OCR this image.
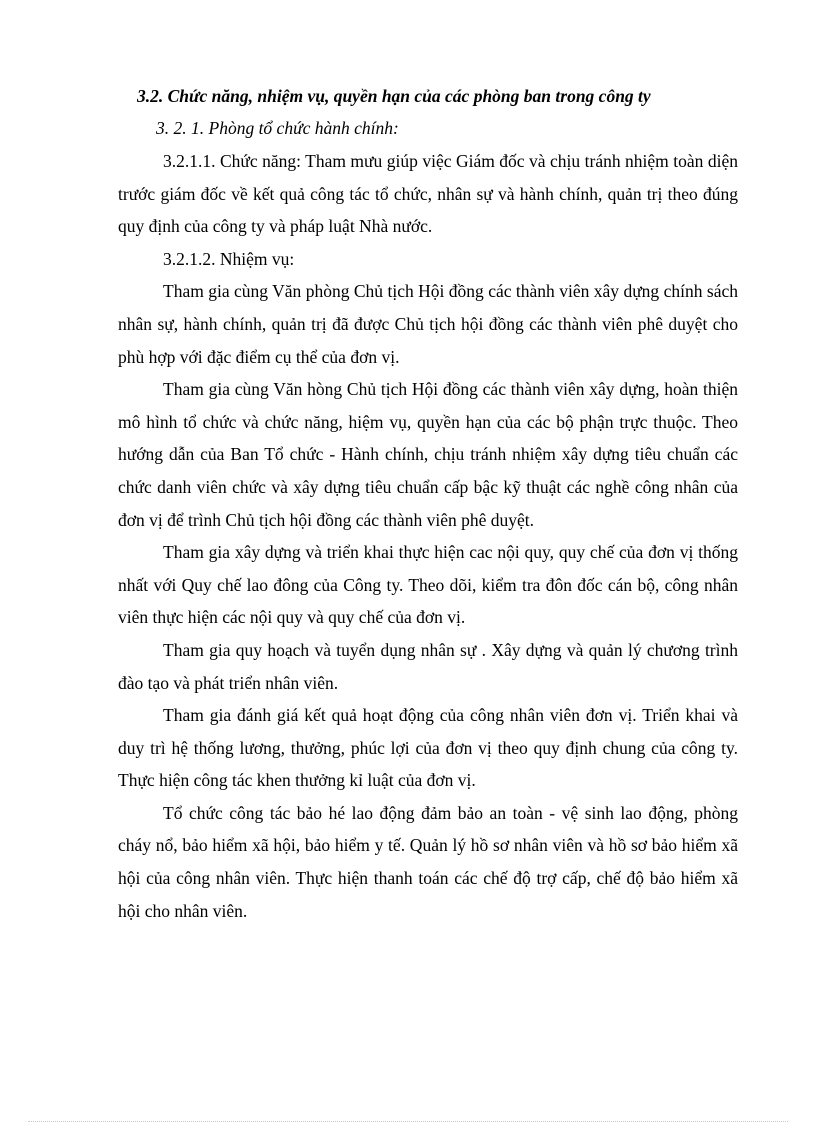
3.2. Chức năng, nhiệm vụ, quyền hạn của các phòng ban trong công ty
3. 2. 1. Phòng tổ chức hành chính:

3.2.1.1. Chức năng: Tham mưu giúp việc Giám đốc và chịu tránh nhiệm toàn diện trước giám đốc về kết quả công tác tổ chức, nhân sự và hành chính, quản trị theo đúng quy định của công ty và pháp luật Nhà nước.

3.2.1.2. Nhiệm vụ:

Tham gia cùng Văn phòng Chủ tịch Hội đồng các thành viên xây dựng chính sách nhân sự, hành chính, quản trị đã được Chủ tịch hội đồng các thành viên phê duyệt cho phù hợp với đặc điểm cụ thể của đơn vị.

Tham gia cùng Văn hòng Chủ tịch Hội đồng các thành viên xây dựng, hoàn thiện mô hình tổ chức và chức năng, hiệm vụ, quyền hạn của các bộ phận trực thuộc. Theo hướng dẫn của Ban Tổ chức - Hành chính, chịu tránh nhiệm xây dựng tiêu chuẩn các chức danh viên chức và xây dựng tiêu chuẩn cấp bậc kỹ thuật các nghề công nhân của đơn vị để trình Chủ tịch hội đồng các thành viên phê duyệt.

Tham gia xây dựng và triển khai thực hiện cac nội quy, quy chế của đơn vị thống nhất với Quy chế lao đông của Công ty. Theo dõi, kiểm tra đôn đốc cán bộ, công nhân viên thực hiện các nội quy và quy chế của đơn vị.

Tham gia quy hoạch và tuyển dụng nhân sự . Xây dựng và quản lý chương trình đào tạo và phát triển nhân viên.

Tham gia đánh giá kết quả hoạt động của công nhân viên đơn vị. Triển khai và duy trì hệ thống lương, thưởng, phúc lợi của đơn vị theo quy định chung của công ty. Thực hiện công tác khen thưởng kỉ luật của đơn vị.

Tổ chức công tác bảo hé lao động đảm bảo an toàn - vệ sinh lao động, phòng cháy nổ, bảo hiểm xã hội, bảo hiểm y tế. Quản lý hồ sơ nhân viên và hồ sơ bảo hiểm xã hội của công nhân viên. Thực hiện thanh toán các chế độ trợ cấp, chế độ bảo hiểm xã hội cho nhân viên.
